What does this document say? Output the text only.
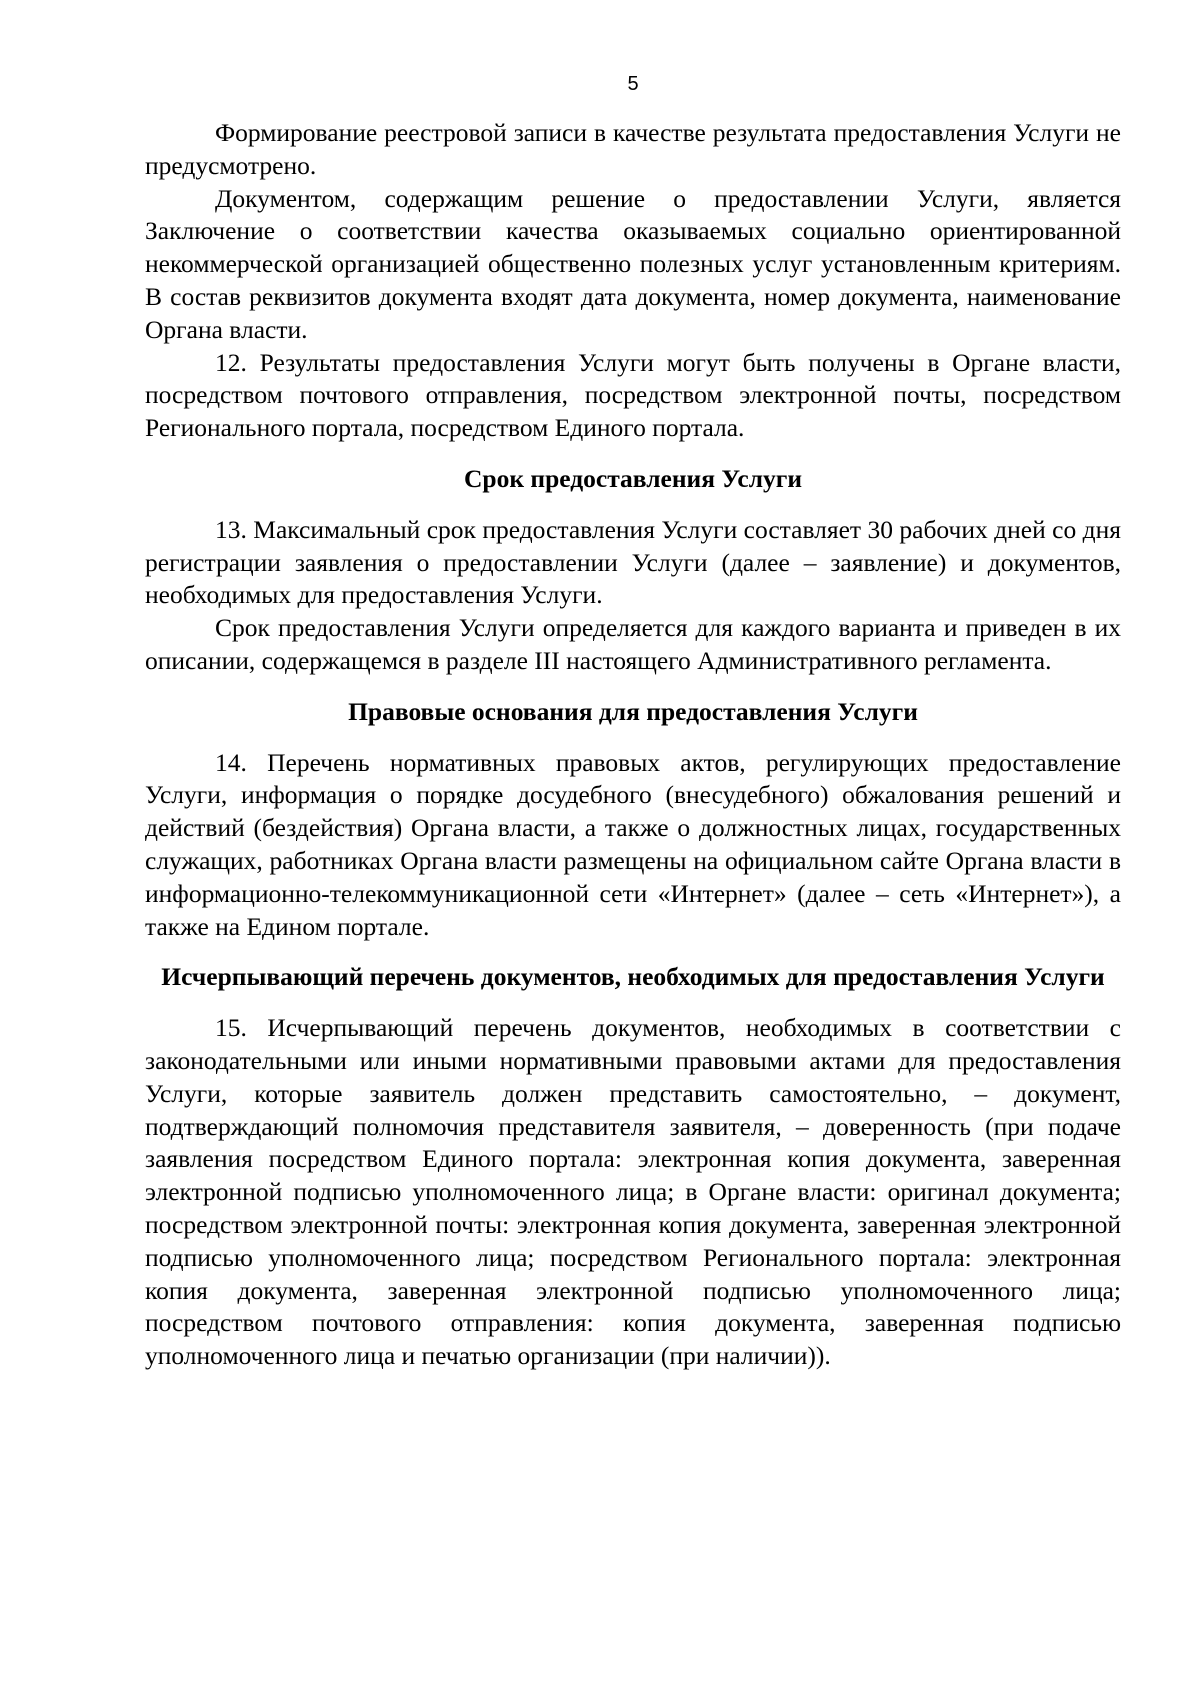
5

Формирование реестровой записи в качестве результата предоставления Услуги не предусмотрено.

Документом, содержащим решение о предоставлении Услуги, является Заключение о соответствии качества оказываемых социально ориентированной некоммерческой организацией общественно полезных услуг установленным критериям. В состав реквизитов документа входят дата документа, номер документа, наименование Органа власти.

12. Результаты предоставления Услуги могут быть получены в Органе власти, посредством почтового отправления, посредством электронной почты, посредством Регионального портала, посредством Единого портала.

Срок предоставления Услуги

13. Максимальный срок предоставления Услуги составляет 30 рабочих дней со дня регистрации заявления о предоставлении Услуги (далее – заявление) и документов, необходимых для предоставления Услуги.

Срок предоставления Услуги определяется для каждого варианта и приведен в их описании, содержащемся в разделе III настоящего Административного регламента.

Правовые основания для предоставления Услуги

14. Перечень нормативных правовых актов, регулирующих предоставление Услуги, информация о порядке досудебного (внесудебного) обжалования решений и действий (бездействия) Органа власти, а также о должностных лицах, государственных служащих, работниках Органа власти размещены на официальном сайте Органа власти в информационно-телекоммуникационной сети «Интернет» (далее – сеть «Интернет»), а также на Едином портале.

Исчерпывающий перечень документов, необходимых для предоставления Услуги

15. Исчерпывающий перечень документов, необходимых в соответствии с законодательными или иными нормативными правовыми актами для предоставления Услуги, которые заявитель должен представить самостоятельно, – документ, подтверждающий полномочия представителя заявителя, – доверенность (при подаче заявления посредством Единого портала: электронная копия документа, заверенная электронной подписью уполномоченного лица; в Органе власти: оригинал документа; посредством электронной почты: электронная копия документа, заверенная электронной подписью уполномоченного лица; посредством Регионального портала: электронная копия документа, заверенная электронной подписью уполномоченного лица; посредством почтового отправления: копия документа, заверенная подписью уполномоченного лица и печатью организации (при наличии)).
